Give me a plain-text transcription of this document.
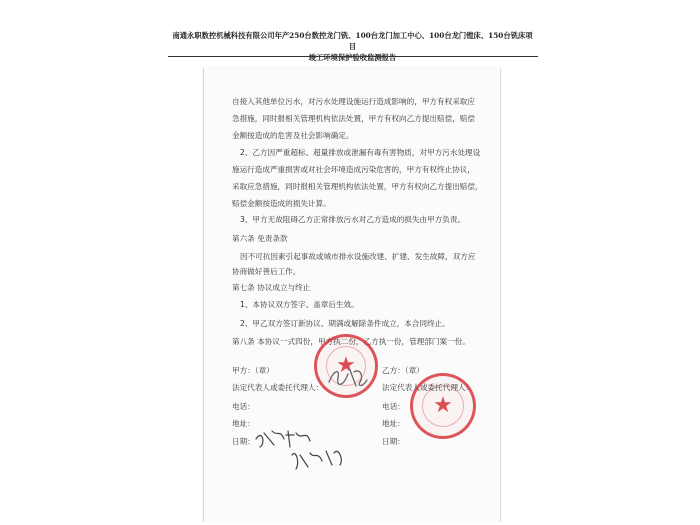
南通永职数控机械科技有限公司年产250台数控龙门铣、100台龙门加工中心、100台龙门镗床、150台铣床项目
竣工环境保护验收监测报告
自接入其他单位污水，对污水处理设施运行造成影响的，甲方有权采取应
急措施，同时报相关管理机构依法处置，甲方有权向乙方提出赔偿，赔偿
金额按造成的危害及社会影响确定。
2、乙方因严重超标、超量排放或泄漏有毒有害物质，对甲方污水处理设
施运行造成严重损害或对社会环境造成污染危害的，甲方有权终止协议，
采取应急措施，同时报相关管理机构依法处置，甲方有权向乙方提出赔偿，
赔偿金额按造成的损失计算。
3、甲方无故阻碍乙方正常排放污水对乙方造成的损失由甲方负责。
第六条 免责条款
因不可抗因素引起事故或城市排水设施改建、扩建、发生故障，双方应
协商做好善后工作。
第七条 协议成立与终止
1、本协议双方签字、盖章后生效。
2、甲乙双方签订新协议、期满或解除条件成立，本合同终止。
第八条 本协议一式四份，甲方执二份，乙方执一份，管理部门案一份。
★
★
甲方：（章）
法定代表人或委托代理人：
电话：
地址：
日期：
乙方：（章）
法定代表人或委托代理人：
电话：
地址：
日期：
